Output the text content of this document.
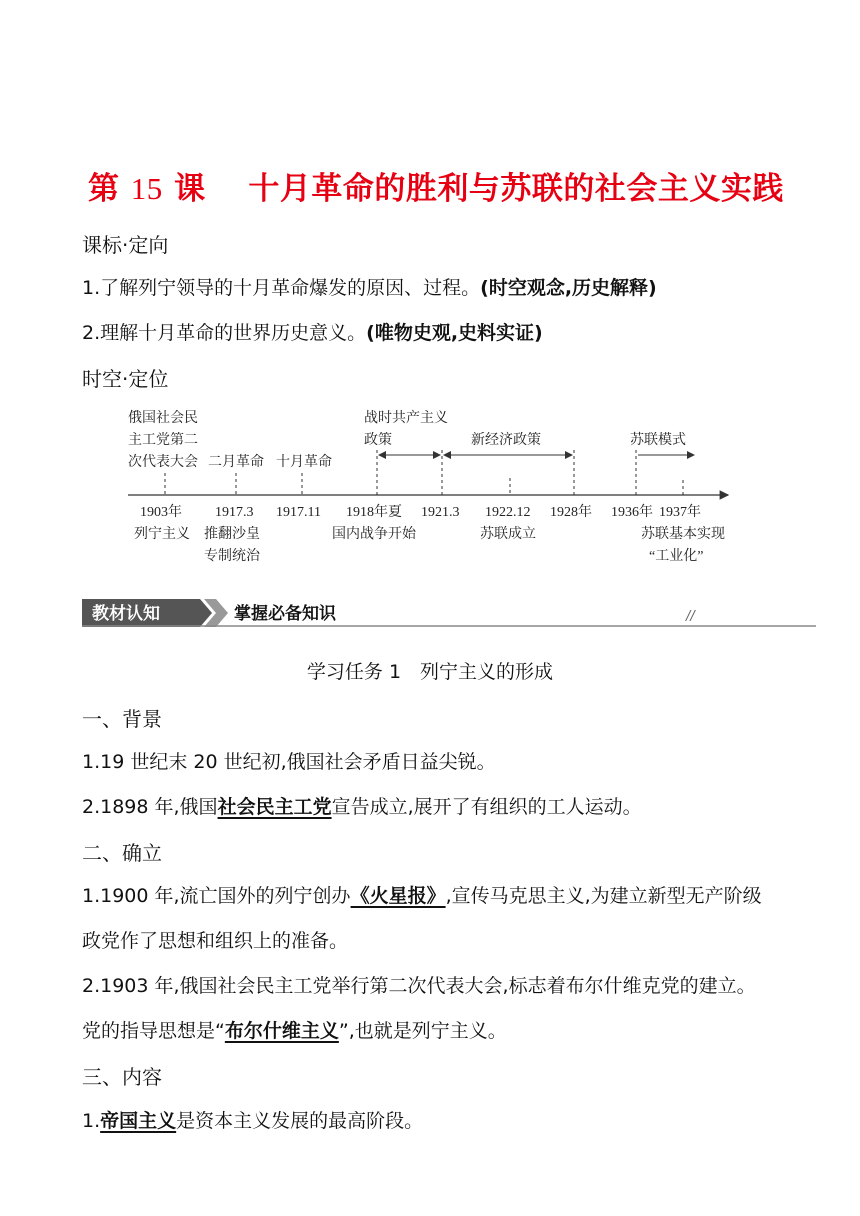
第 15 课　 十月革命的胜利与苏联的社会主义实践
课标·定向
1.了解列宁领导的十月革命爆发的原因、过程。(时空观念,历史解释)
2.理解十月革命的世界历史意义。(唯物史观,史料实证)
时空·定位
俄国社会民
主工党第二
次代表大会 二月革命 十月革命
战时共产主义
政策	新经济政策	苏联模式
1903年 1917.3 1917.11 1918年夏 1921.3 1922.12 1928年 1936年 1937年
列宁主义 推翻沙皇
专制统治
国内战争开始	苏联成立	苏联基本实现
“工业化”
教材认知	掌握必备知识	//
学习任务 1　列宁主义的形成
一、背景
1.19 世纪末 20 世纪初,俄国社会矛盾日益尖锐。
2.1898 年,俄国社会民主工党宣告成立,展开了有组织的工人运动。
二、确立
1.1900 年,流亡国外的列宁创办《火星报》,宣传马克思主义,为建立新型无产阶级
政党作了思想和组织上的准备。
2.1903 年,俄国社会民主工党举行第二次代表大会,标志着布尔什维克党的建立。
党的指导思想是“布尔什维主义”,也就是列宁主义。
三、内容
1.帝国主义是资本主义发展的最高阶段。
